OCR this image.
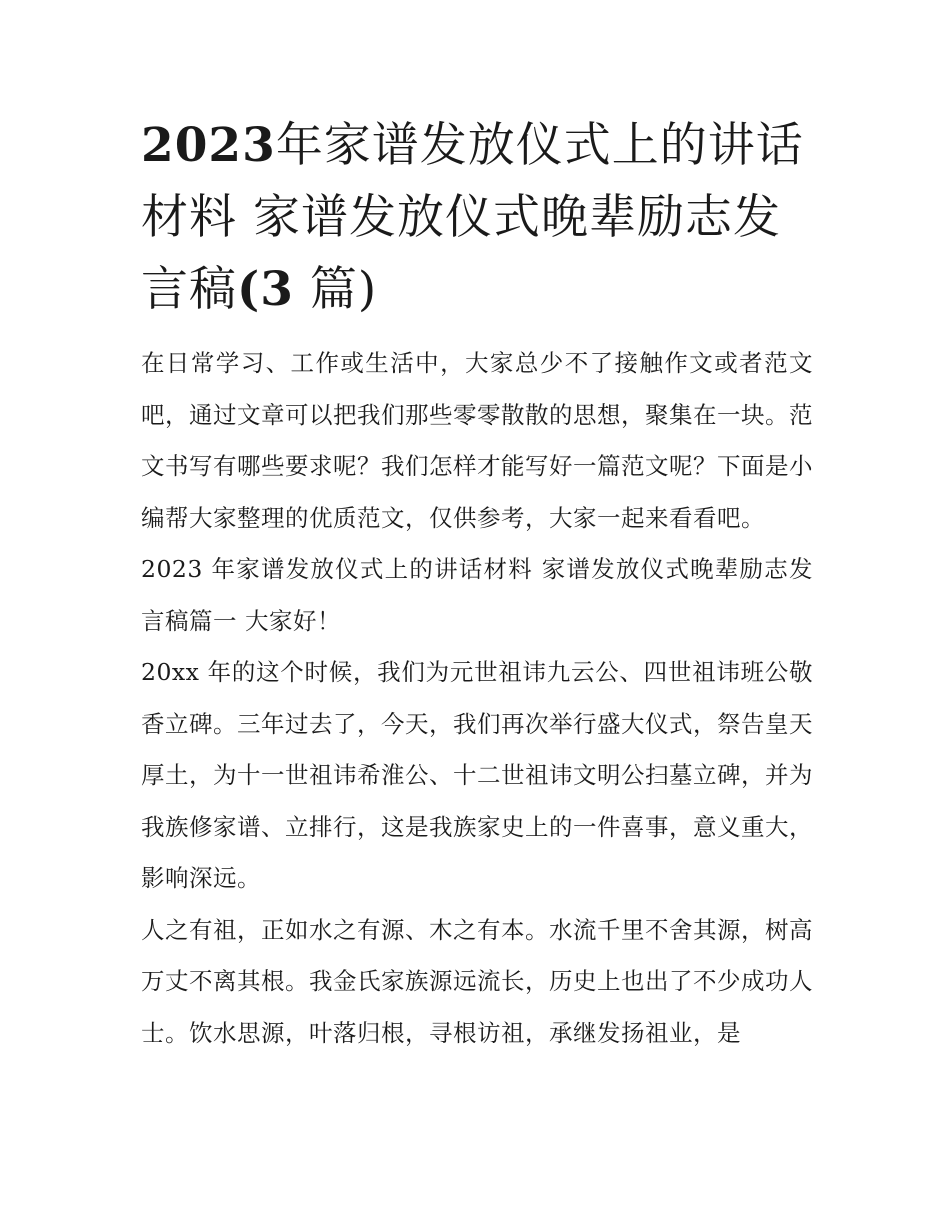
2023年家谱发放仪式上的讲话材料 家谱发放仪式晚辈励志发言稿(3 篇)

在日常学习、工作或生活中，大家总少不了接触作文或者范文吧，通过文章可以把我们那些零零散散的思想，聚集在一块。范文书写有哪些要求呢？我们怎样才能写好一篇范文呢？下面是小编帮大家整理的优质范文，仅供参考，大家一起来看看吧。

2023 年家谱发放仪式上的讲话材料 家谱发放仪式晚辈励志发言稿篇一 大家好！

20xx 年的这个时候，我们为元世祖讳九云公、四世祖讳班公敬香立碑。三年过去了，今天，我们再次举行盛大仪式，祭告皇天厚土，为十一世祖讳希淮公、十二世祖讳文明公扫墓立碑，并为我族修家谱、立排行，这是我族家史上的一件喜事，意义重大，影响深远。

人之有祖，正如水之有源、木之有本。水流千里不舍其源，树高万丈不离其根。我金氏家族源远流长，历史上也出了不少成功人士。饮水思源，叶落归根，寻根访祖，承继发扬祖业，是
